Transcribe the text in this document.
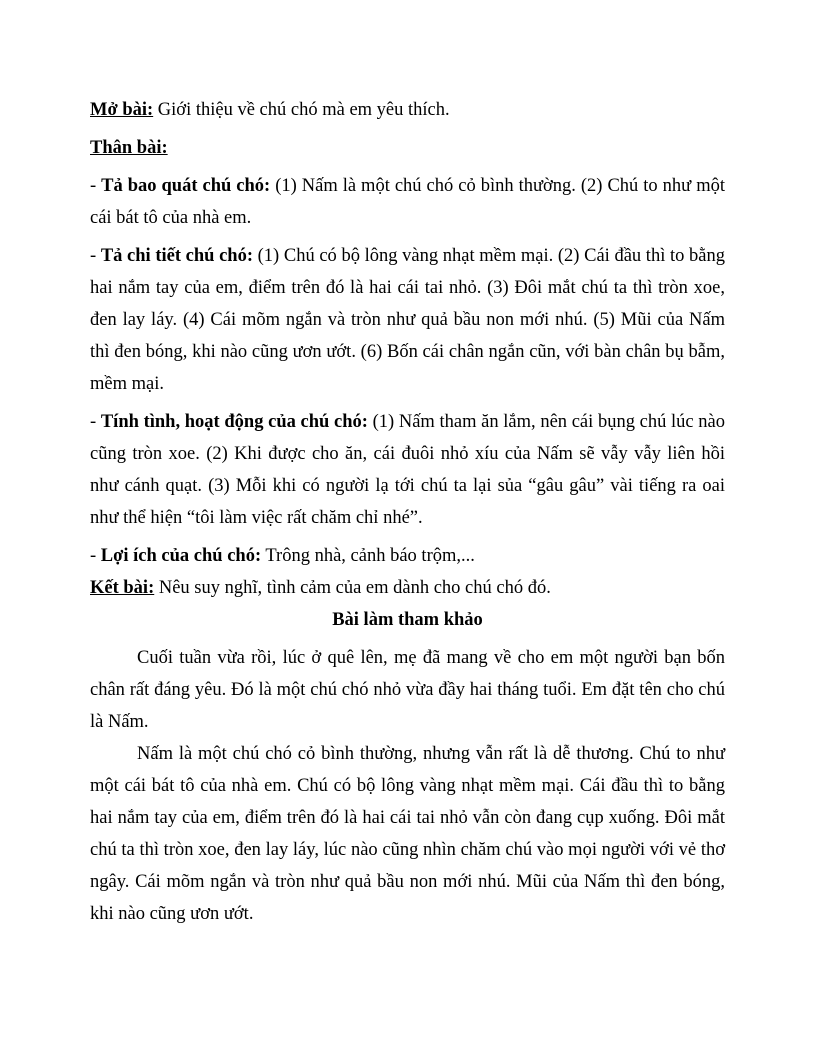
Mở bài: Giới thiệu về chú chó mà em yêu thích.

Thân bài:

- Tả bao quát chú chó: (1) Nấm là một chú chó cỏ bình thường. (2) Chú to như một cái bát tô của nhà em.

- Tả chi tiết chú chó: (1) Chú có bộ lông vàng nhạt mềm mại. (2) Cái đầu thì to bằng hai nắm tay của em, điểm trên đó là hai cái tai nhỏ. (3) Đôi mắt chú ta thì tròn xoe, đen lay láy. (4) Cái mõm ngắn và tròn như quả bầu non mới nhú. (5) Mũi của Nấm thì đen bóng, khi nào cũng ươn ướt. (6) Bốn cái chân ngắn cũn, với bàn chân bụ bẫm, mềm mại.

- Tính tình, hoạt động của chú chó: (1) Nấm tham ăn lắm, nên cái bụng chú lúc nào cũng tròn xoe. (2) Khi được cho ăn, cái đuôi nhỏ xíu của Nấm sẽ vẫy vẫy liên hồi như cánh quạt. (3) Mỗi khi có người lạ tới chú ta lại sủa “gâu gâu” vài tiếng ra oai như thể hiện “tôi làm việc rất chăm chỉ nhé”.

- Lợi ích của chú chó: Trông nhà, cảnh báo trộm,...

Kết bài: Nêu suy nghĩ, tình cảm của em dành cho chú chó đó.

Bài làm tham khảo

Cuối tuần vừa rồi, lúc ở quê lên, mẹ đã mang về cho em một người bạn bốn chân rất đáng yêu. Đó là một chú chó nhỏ vừa đầy hai tháng tuổi. Em đặt tên cho chú là Nấm.

Nấm là một chú chó cỏ bình thường, nhưng vẫn rất là dễ thương. Chú to như một cái bát tô của nhà em. Chú có bộ lông vàng nhạt mềm mại. Cái đầu thì to bằng hai nắm tay của em, điểm trên đó là hai cái tai nhỏ vẫn còn đang cụp xuống. Đôi mắt chú ta thì tròn xoe, đen lay láy, lúc nào cũng nhìn chăm chú vào mọi người với vẻ thơ ngây. Cái mõm ngắn và tròn như quả bầu non mới nhú. Mũi của Nấm thì đen bóng, khi nào cũng ươn ướt.
